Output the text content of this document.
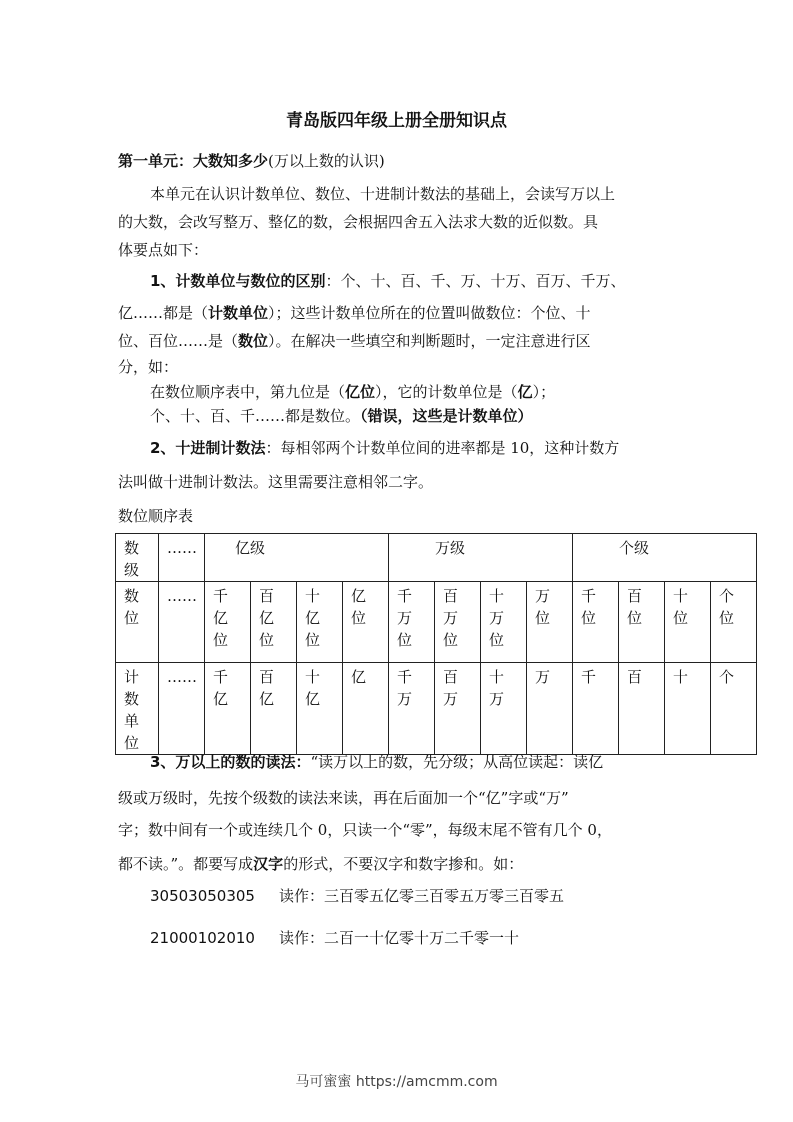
青岛版四年级上册全册知识点
第一单元：大数知多少(万以上数的认识)
本单元在认识计数单位、数位、十进制计数法的基础上，会读写万以上
的大数，会改写整万、整亿的数，会根据四舍五入法求大数的近似数。具
体要点如下：
1、计数单位与数位的区别：个、十、百、千、万、十万、百万、千万、
亿……都是（计数单位）；这些计数单位所在的位置叫做数位：个位、十
位、百位……是（数位）。在解决一些填空和判断题时，一定注意进行区
分，如：
在数位顺序表中，第九位是（亿位），它的计数单位是（亿）；
个、十、百、千……都是数位。（错误，这些是计数单位）
2、十进制计数法：每相邻两个计数单位间的进率都是 10，这种计数方
法叫做十进制计数法。这里需要注意相邻二字。
数位顺序表
数
级	……	亿级				万级				个级			
数
位	……	千
亿
位	百
亿
位	十
亿
位	亿
位	千
万
位	百
万
位	十
万
位	万
位	千
位	百
位	十
位	个
位
计
数
单
位	……	千
亿	百
亿	十
亿	亿	千
万	百
万	十
万	万	千	百	十	个
3、万以上的数的读法：“读万以上的数，先分级；从高位读起：读亿
级或万级时，先按个级数的读法来读，再在后面加一个“亿”字或“万”
字；数中间有一个或连续几个 0，只读一个“零”，每级末尾不管有几个 0，
都不读。”。都要写成汉字的形式，不要汉字和数字掺和。如：
30503050305 读作：三百零五亿零三百零五万零三百零五
21000102010 读作：二百一十亿零十万二千零一十
马可蜜蜜 https://amcmm.com
